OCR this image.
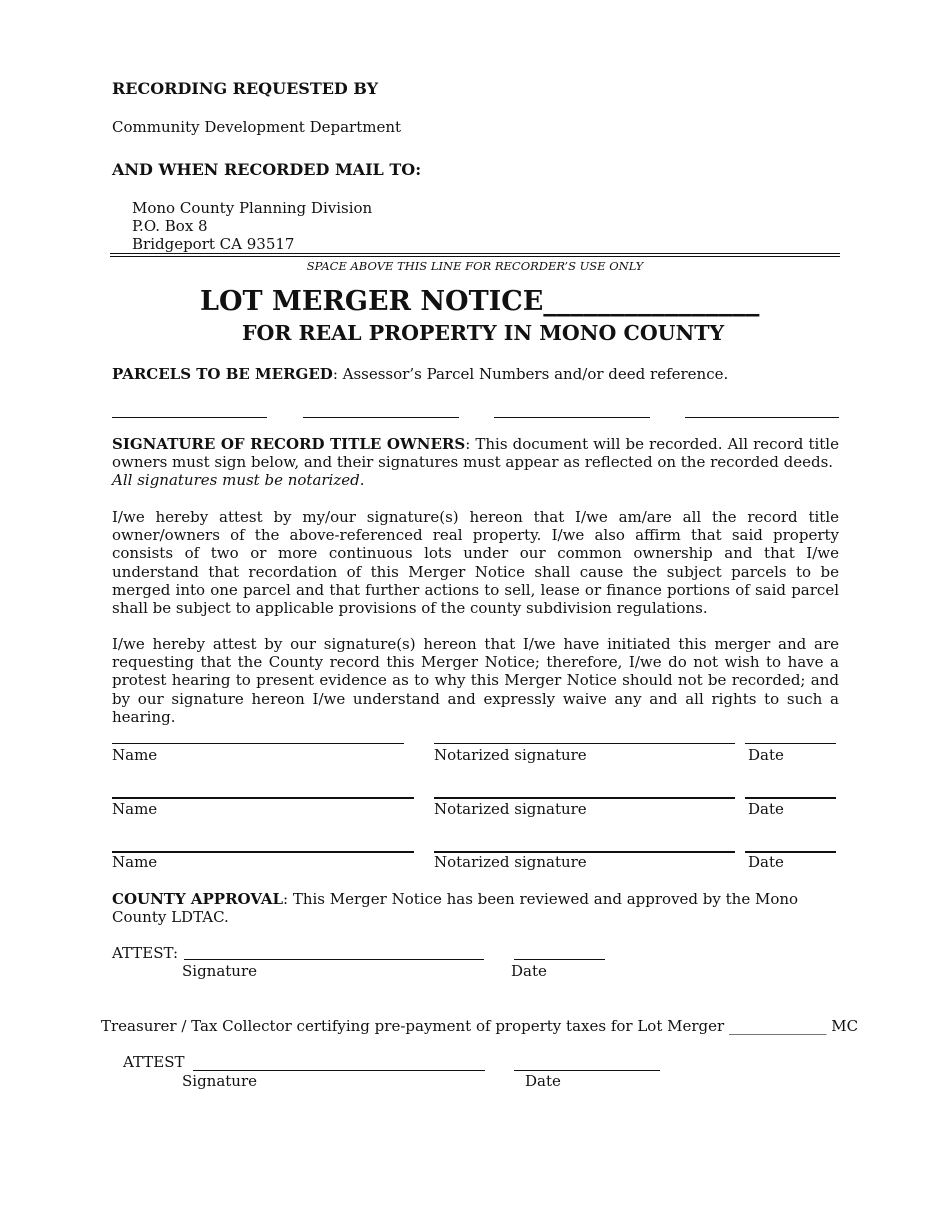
RECORDING REQUESTED BY
Community Development Department
AND WHEN RECORDED MAIL TO:
Mono County Planning Division
P.O. Box 8
Bridgeport CA 93517
SPACE ABOVE THIS LINE FOR RECORDER’S USE ONLY
LOT MERGER NOTICE________________
FOR REAL PROPERTY IN MONO COUNTY
PARCELS TO BE MERGED: Assessor’s Parcel Numbers and/or deed reference.
SIGNATURE OF RECORD TITLE OWNERS: This document will be recorded. All record title owners must sign below, and their signatures must appear as reflected on the recorded deeds.
All signatures must be notarized.
I/we hereby attest by my/our signature(s) hereon that I/we am/are all the record title owner/owners of the above-referenced real property. I/we also affirm that said property consists of two or more continuous lots under our common ownership and that I/we understand that recordation of this Merger Notice shall cause the subject parcels to be merged into one parcel and that further actions to sell, lease or finance portions of said parcel shall be subject to applicable provisions of the county subdivision regulations.
I/we hereby attest by our signature(s) hereon that I/we have initiated this merger and are requesting that the County record this Merger Notice; therefore, I/we do not wish to have a protest hearing to present evidence as to why this Merger Notice should not be recorded; and by our signature hereon I/we understand and expressly waive any and all rights to such a hearing.
Name	Notarized signature	Date
Name	Notarized signature	Date
Name	Notarized signature	Date
COUNTY APPROVAL: This Merger Notice has been reviewed and approved by the Mono County LDTAC.
ATTEST:
Signature	Date
Treasurer / Tax Collector certifying pre-payment of property taxes for Lot Merger _____________ MC
ATTEST
Signature	Date
